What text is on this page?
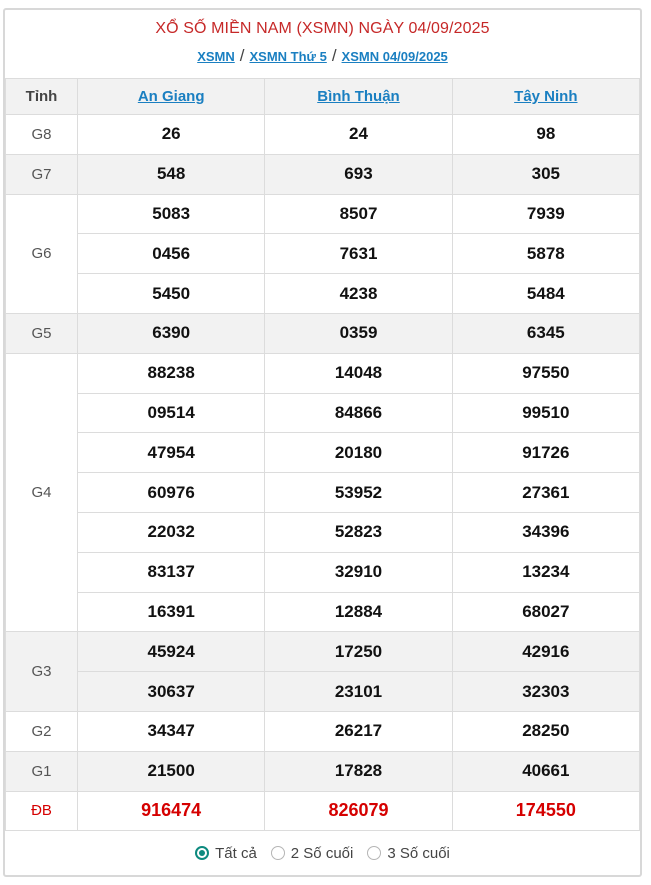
XỔ SỐ MIỀN NAM (XSMN) NGÀY 04/09/2025
XSMN / XSMN Thứ 5 / XSMN 04/09/2025
Tỉnh	An Giang	Bình Thuận	Tây Ninh
G8	26	24	98
G7	548	693	305
G6	5083	8507	7939
	0456	7631	5878
	5450	4238	5484
G5	6390	0359	6345
G4	88238	14048	97550
	09514	84866	99510
	47954	20180	91726
	60976	53952	27361
	22032	52823	34396
	83137	32910	13234
	16391	12884	68027
G3	45924	17250	42916
	30637	23101	32303
G2	34347	26217	28250
G1	21500	17828	40661
ĐB	916474	826079	174550
Tất cả 2 Số cuối 3 Số cuối
